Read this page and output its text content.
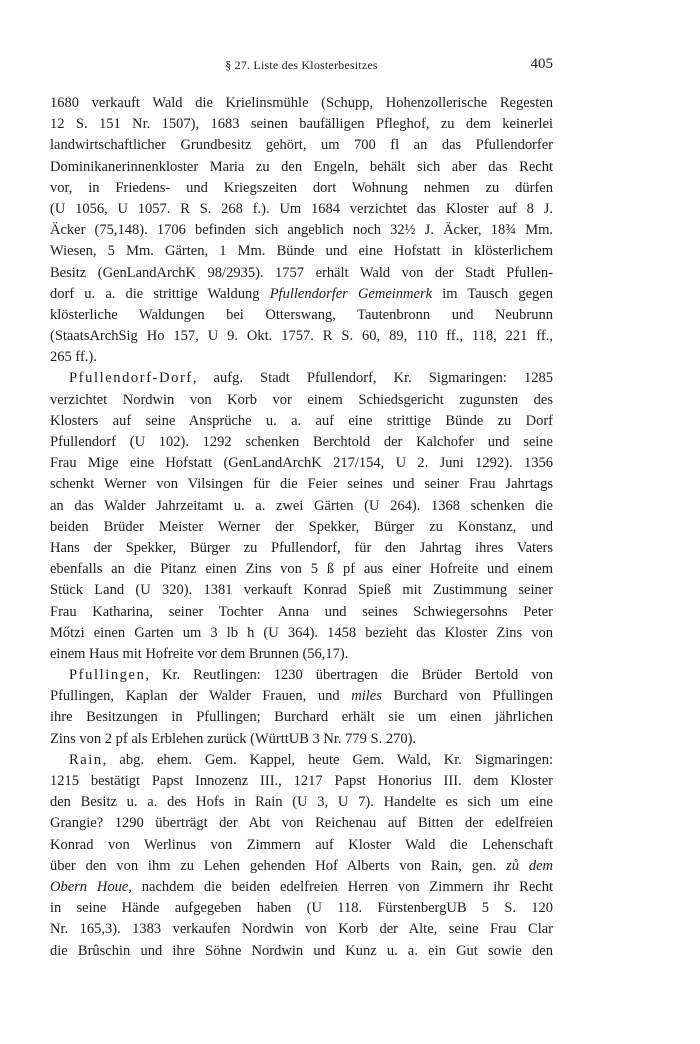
§ 27. Liste des Klosterbesitzes	405
1680 verkauft Wald die Krielinsmühle (Schupp, Hohenzollerische Regesten
12 S. 151 Nr. 1507), 1683 seinen baufälligen Pfleghof, zu dem keinerlei
landwirtschaftlicher Grundbesitz gehört, um 700 fl an das Pfullendorfer
Dominikanerinnenkloster Maria zu den Engeln, behält sich aber das Recht
vor, in Friedens- und Kriegszeiten dort Wohnung nehmen zu dürfen
(U 1056, U 1057. R S. 268 f.). Um 1684 verzichtet das Kloster auf 8 J.
Äcker (75,148). 1706 befinden sich angeblich noch 32½ J. Äcker, 18¾ Mm.
Wiesen, 5 Mm. Gärten, 1 Mm. Bünde und eine Hofstatt in klösterlichem
Besitz (GenLandArchK 98/2935). 1757 erhält Wald von der Stadt Pfullen-
dorf u. a. die strittige Waldung Pfullendorfer Gemeinmerk im Tausch gegen
klösterliche Waldungen bei Otterswang, Tautenbronn und Neubrunn
(StaatsArchSig Ho 157, U 9. Okt. 1757. R S. 60, 89, 110 ff., 118, 221 ff.,
265 ff.).
Pfullendorf-Dorf, aufg. Stadt Pfullendorf, Kr. Sigmaringen: 1285
verzichtet Nordwin von Korb vor einem Schiedsgericht zugunsten des
Klosters auf seine Ansprüche u. a. auf eine strittige Bünde zu Dorf
Pfullendorf (U 102). 1292 schenken Berchtold der Kalchofer und seine
Frau Mige eine Hofstatt (GenLandArchK 217/154, U 2. Juni 1292). 1356
schenkt Werner von Vilsingen für die Feier seines und seiner Frau Jahrtags
an das Walder Jahrzeitamt u. a. zwei Gärten (U 264). 1368 schenken die
beiden Brüder Meister Werner der Spekker, Bürger zu Konstanz, und
Hans der Spekker, Bürger zu Pfullendorf, für den Jahrtag ihres Vaters
ebenfalls an die Pitanz einen Zins von 5 ß pf aus einer Hofreite und einem
Stück Land (U 320). 1381 verkauft Konrad Spieß mit Zustimmung seiner
Frau Katharina, seiner Tochter Anna und seines Schwiegersohns Peter
Mőtzi einen Garten um 3 lb h (U 364). 1458 bezieht das Kloster Zins von
einem Haus mit Hofreite vor dem Brunnen (56,17).
Pfullingen, Kr. Reutlingen: 1230 übertragen die Brüder Bertold von
Pfullingen, Kaplan der Walder Frauen, und miles Burchard von Pfullingen
ihre Besitzungen in Pfullingen; Burchard erhält sie um einen jährlichen
Zins von 2 pf als Erblehen zurück (WürttUB 3 Nr. 779 S. 270).
Rain, abg. ehem. Gem. Kappel, heute Gem. Wald, Kr. Sigmaringen:
1215 bestätigt Papst Innozenz III., 1217 Papst Honorius III. dem Kloster
den Besitz u. a. des Hofs in Rain (U 3, U 7). Handelte es sich um eine
Grangie? 1290 überträgt der Abt von Reichenau auf Bitten der edelfreien
Konrad von Werlinus von Zimmern auf Kloster Wald die Lehenschaft
über den von ihm zu Lehen gehenden Hof Alberts von Rain, gen. zů dem
Obern Houe, nachdem die beiden edelfreien Herren von Zimmern ihr Recht
in seine Hände aufgegeben haben (U 118. FürstenbergUB 5 S. 120
Nr. 165,3). 1383 verkaufen Nordwin von Korb der Alte, seine Frau Clar
die Brûschin und ihre Söhne Nordwin und Kunz u. a. ein Gut sowie den
